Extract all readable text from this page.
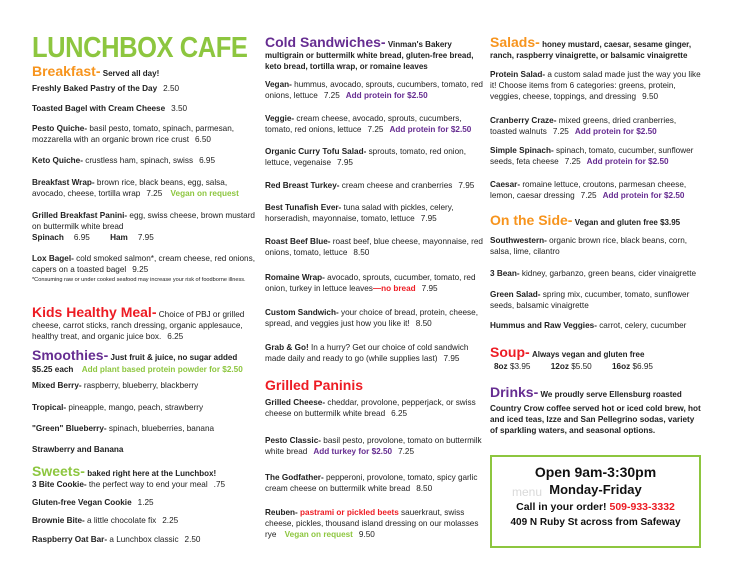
LUNCHBOX CAFE
Breakfast- Served all day!
Freshly Baked Pastry of the Day 2.50
Toasted Bagel with Cream Cheese 3.50
Pesto Quiche- basil pesto, tomato, spinach, parmesan, mozzarella with an organic brown rice crust 6.50
Keto Quiche- crustless ham, spinach, swiss 6.95
Breakfast Wrap- brown rice, black beans, egg, salsa, avocado, cheese, tortilla wrap 7.25 Vegan on request
Grilled Breakfast Panini- egg, swiss cheese, brown mustard on buttermilk white bread
Spinach 6.95 Ham 7.95
Lox Bagel- cold smoked salmon*, cream cheese, red onions, capers on a toasted bagel 9.25
*Consuming raw or under cooked seafood may increase your risk of foodborne illness.
Kids Healthy Meal- Choice of PBJ or grilled cheese, carrot sticks, ranch dressing, organic applesauce, healthy treat, and organic juice box. 6.25
Smoothies- Just fruit & juice, no sugar added
$5.25 each Add plant based protein powder for $2.50
Mixed Berry- raspberry, blueberry, blackberry
Tropical- pineapple, mango, peach, strawberry
"Green" Blueberry- spinach, blueberries, banana
Strawberry and Banana
Sweets- baked right here at the Lunchbox!
3 Bite Cookie- the perfect way to end your meal .75
Gluten-free Vegan Cookie 1.25
Brownie Bite- a little chocolate fix 2.25
Raspberry Oat Bar- a Lunchbox classic 2.50
Cold Sandwiches- Vinman's Bakery multigrain or buttermilk white bread, gluten-free bread, keto bread, tortilla wrap, or romaine leaves
Vegan- hummus, avocado, sprouts, cucumbers, tomato, red onions, lettuce 7.25 Add protein for $2.50
Veggie- cream cheese, avocado, sprouts, cucumbers, tomato, red onions, lettuce 7.25 Add protein for $2.50
Organic Curry Tofu Salad- sprouts, tomato, red onion, lettuce, vegenaise 7.95
Red Breast Turkey- cream cheese and cranberries 7.95
Best Tunafish Ever- tuna salad with pickles, celery, horseradish, mayonnaise, tomato, lettuce 7.95
Roast Beef Blue- roast beef, blue cheese, mayonnaise, red onions, tomato, lettuce 8.50
Romaine Wrap- avocado, sprouts, cucumber, tomato, red onion, turkey in lettuce leaves—no bread 7.95
Custom Sandwich- your choice of bread, protein, cheese, spread, and veggies just how you like it! 8.50
Grab & Go! In a hurry? Get our choice of cold sandwich made daily and ready to go (while supplies last) 7.95
Grilled Paninis
Grilled Cheese- cheddar, provolone, pepperjack, or swiss cheese on buttermilk white bread 6.25
Pesto Classic- basil pesto, provolone, tomato on buttermilk white bread Add turkey for $2.50 7.25
The Godfather- pepperoni, provolone, tomato, spicy garlic cream cheese on buttermilk white bread 8.50
Reuben- pastrami or pickled beets sauerkraut, swiss cheese, pickles, thousand island dressing on our molasses rye Vegan on request 9.50
Salads- honey mustard, caesar, sesame ginger, ranch, raspberry vinaigrette, or balsamic vinaigrette
Protein Salad- a custom salad made just the way you like it! Choose items from 6 categories: greens, protein, veggies, cheese, toppings, and dressing 9.50
Cranberry Craze- mixed greens, dried cranberries, toasted walnuts 7.25 Add protein for $2.50
Simple Spinach- spinach, tomato, cucumber, sunflower seeds, feta cheese 7.25 Add protein for $2.50
Caesar- romaine lettuce, croutons, parmesan cheese, lemon, caesar dressing 7.25 Add protein for $2.50
On the Side- Vegan and gluten free $3.95
Southwestern- organic brown rice, black beans, corn, salsa, lime, cilantro
3 Bean- kidney, garbanzo, green beans, cider vinaigrette
Green Salad- spring mix, cucumber, tomato, sunflower seeds, balsamic vinaigrette
Hummus and Raw Veggies- carrot, celery, cucumber
Soup- Always vegan and gluten free
8oz $3.95 12oz $5.50 16oz $6.95
Drinks- We proudly serve Ellensburg roasted
Country Crow coffee served hot or iced cold brew, hot and iced teas, Izze and San Pellegrino sodas, variety of sparkling waters, and seasonal options.
menu
Open 9am-3:30pm
Monday-Friday
Call in your order! 509-933-3332
409 N Ruby St across from Safeway
